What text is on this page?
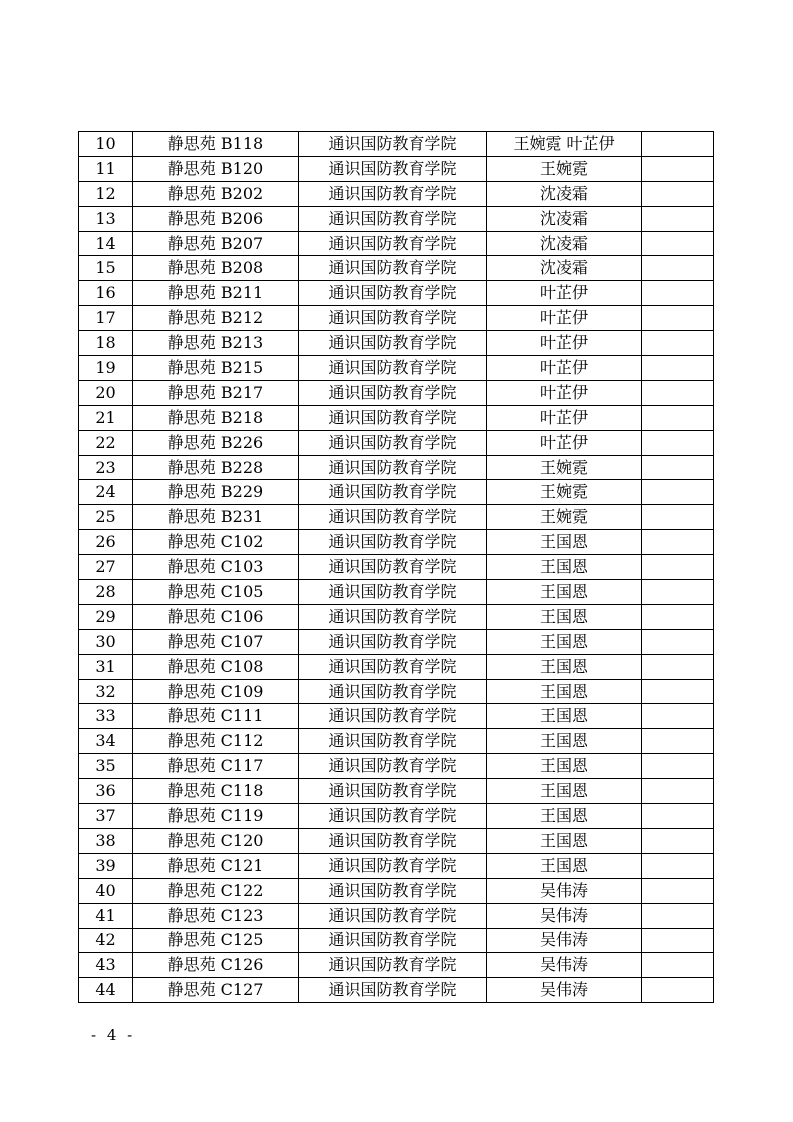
10	静思苑 B118	通识国防教育学院	王婉霓 叶芷伊	
11	静思苑 B120	通识国防教育学院	王婉霓	
12	静思苑 B202	通识国防教育学院	沈凌霜	
13	静思苑 B206	通识国防教育学院	沈凌霜	
14	静思苑 B207	通识国防教育学院	沈凌霜	
15	静思苑 B208	通识国防教育学院	沈凌霜	
16	静思苑 B211	通识国防教育学院	叶芷伊	
17	静思苑 B212	通识国防教育学院	叶芷伊	
18	静思苑 B213	通识国防教育学院	叶芷伊	
19	静思苑 B215	通识国防教育学院	叶芷伊	
20	静思苑 B217	通识国防教育学院	叶芷伊	
21	静思苑 B218	通识国防教育学院	叶芷伊	
22	静思苑 B226	通识国防教育学院	叶芷伊	
23	静思苑 B228	通识国防教育学院	王婉霓	
24	静思苑 B229	通识国防教育学院	王婉霓	
25	静思苑 B231	通识国防教育学院	王婉霓	
26	静思苑 C102	通识国防教育学院	王国恩	
27	静思苑 C103	通识国防教育学院	王国恩	
28	静思苑 C105	通识国防教育学院	王国恩	
29	静思苑 C106	通识国防教育学院	王国恩	
30	静思苑 C107	通识国防教育学院	王国恩	
31	静思苑 C108	通识国防教育学院	王国恩	
32	静思苑 C109	通识国防教育学院	王国恩	
33	静思苑 C111	通识国防教育学院	王国恩	
34	静思苑 C112	通识国防教育学院	王国恩	
35	静思苑 C117	通识国防教育学院	王国恩	
36	静思苑 C118	通识国防教育学院	王国恩	
37	静思苑 C119	通识国防教育学院	王国恩	
38	静思苑 C120	通识国防教育学院	王国恩	
39	静思苑 C121	通识国防教育学院	王国恩	
40	静思苑 C122	通识国防教育学院	吴伟涛	
41	静思苑 C123	通识国防教育学院	吴伟涛	
42	静思苑 C125	通识国防教育学院	吴伟涛	
43	静思苑 C126	通识国防教育学院	吴伟涛	
44	静思苑 C127	通识国防教育学院	吴伟涛	
- 4 -
